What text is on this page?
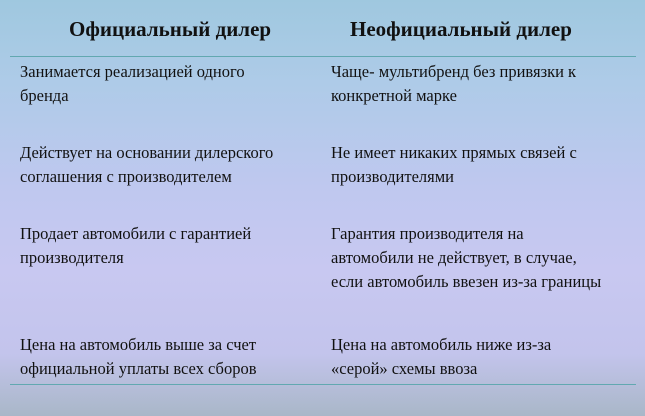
Официальный дилер	Неофициальный дилер
Занимается реализацией одного
бренда
Чаще- мультибренд без привязки к
конкретной марке
Действует на основании дилерского
соглашения с производителем
Не имеет никаких прямых связей с
производителями
Продает автомобили с гарантией
производителя
Гарантия производителя на
автомобили не действует, в случае,
если автомобиль ввезен из-за границы
Цена на автомобиль выше за счет
официальной уплаты всех сборов
Цена на автомобиль ниже из-за
«серой» схемы ввоза
